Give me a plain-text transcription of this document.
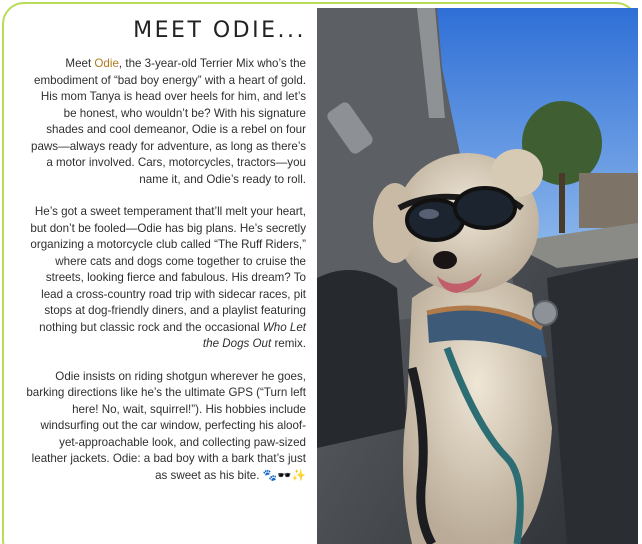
MEET ODIE...

Meet Odie, the 3-year-old Terrier Mix who’s the embodiment of “bad boy energy” with a heart of gold. His mom Tanya is head over heels for him, and let’s be honest, who wouldn’t be? With his signature shades and cool demeanor, Odie is a rebel on four paws—always ready for adventure, as long as there’s a motor involved. Cars, motorcycles, tractors—you name it, and Odie’s ready to roll.

He’s got a sweet temperament that’ll melt your heart, but don’t be fooled—Odie has big plans. He’s secretly organizing a motorcycle club called “The Ruff Riders,” where cats and dogs come together to cruise the streets, looking fierce and fabulous. His dream? To lead a cross-country road trip with sidecar races, pit stops at dog-friendly diners, and a playlist featuring nothing but classic rock and the occasional Who Let the Dogs Out remix.

Odie insists on riding shotgun wherever he goes, barking directions like he’s the ultimate GPS (“Turn left here! No, wait, squirrel!”). His hobbies include windsurfing out the car window, perfecting his aloof-yet-approachable look, and collecting paw-sized leather jackets. Odie: a bad boy with a bark that’s just as sweet as his bite. 🐾🕶️✨
